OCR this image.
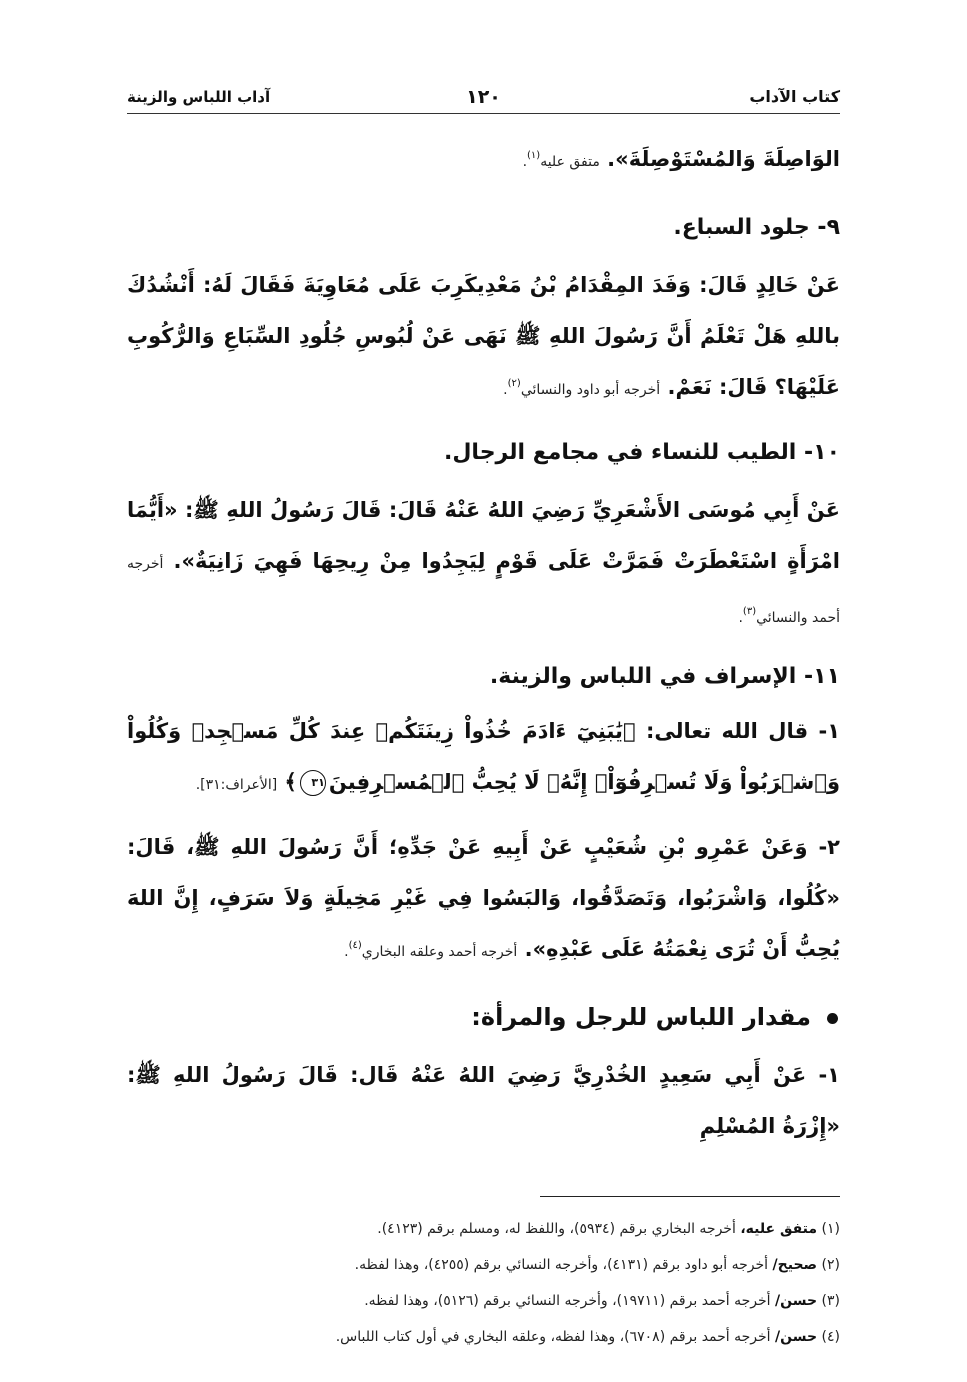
كتاب الآداب
١٢٠
آداب اللباس والزينة

الوَاصِلَةَ وَالمُسْتَوْصِلَةَ». متفق عليه$^{(١)}$.

٩- جلود السباع.

عَنْ خَالِدٍ قَالَ: وَفَدَ المِقْدَامُ بْنُ مَعْدِيكَرِبَ عَلَى مُعَاوِيَةَ فَقَالَ لَهُ: أَنْشُدُكَ باللهِ هَلْ تَعْلَمُ أَنَّ رَسُولَ اللهِ ﷺ نَهَى عَنْ لُبُوسِ جُلُودِ السِّبَاعِ وَالرُّكُوبِ عَلَيْهَا؟ قَالَ: نَعَمْ. أخرجه أبو داود والنسائي$^{(٢)}$.

١٠- الطيب للنساء في مجامع الرجال.

عَنْ أَبِي مُوسَى الأَشْعَرِيِّ رَضِيَ اللهُ عَنْهُ قَالَ: قَالَ رَسُولُ اللهِ ﷺ: «أَيُّمَا امْرَأَةٍ اسْتَعْطَرَتْ فَمَرَّتْ عَلَى قَوْمٍ لِيَجِدُوا مِنْ رِيحِهَا فَهِيَ زَانِيَةٌ». أخرجه أحمد والنسائي$^{(٣)}$.

١١- الإسراف في اللباس والزينة.

١- قال الله تعالى: ﴿يَٰبَنِيٓ ءَادَمَ خُذُواْ زِينَتَكُمۡ عِندَ كُلِّ مَسۡجِدٖ وَكُلُواْ وَٱشۡرَبُواْ وَلَا تُسۡرِفُوٓاْۚ إِنَّهُۥ لَا يُحِبُّ ٱلۡمُسۡرِفِينَ٣١﴾ [الأعراف:٣١].

٢- وَعَنْ عَمْرِو بْنِ شُعَيْبٍ عَنْ أَبِيهِ عَنْ جَدِّهِ؛ أَنَّ رَسُولَ اللهِ ﷺ، قَالَ: «كُلُوا، وَاشْرَبُوا، وَتَصَدَّقُوا، وَالبَسُوا فِي غَيْرِ مَخِيلَةٍ وَلاَ سَرَفٍ، إِنَّ اللهَ يُحِبُّ أَنْ تُرَى نِعْمَتُهُ عَلَى عَبْدِهِ». أخرجه أحمد وعلقه البخاري$^{(٤)}$.

مقدار اللباس للرجل والمرأة:

١- عَنْ أَبِي سَعِيدٍ الخُدْرِيَّ رَضِيَ اللهُ عَنْهُ قَال: قَالَ رَسُولُ اللهِ ﷺ: «إِزْرَةُ المُسْلِمِ

(١) متفق عليه، أخرجه البخاري برقم (٥٩٣٤)، واللفظ له، ومسلم برقم (٤١٢٣).
(٢) صحيح/ أخرجه أبو داود برقم (٤١٣١)، وأخرجه النسائي برقم (٤٢٥٥)، وهذا لفظه.
(٣) حسن/ أخرجه أحمد برقم (١٩٧١١)، وأخرجه النسائي برقم (٥١٢٦)، وهذا لفظه.
(٤) حسن/ أخرجه أحمد برقم (٦٧٠٨)، وهذا لفظه، وعلقه البخاري في أول كتاب اللباس.
